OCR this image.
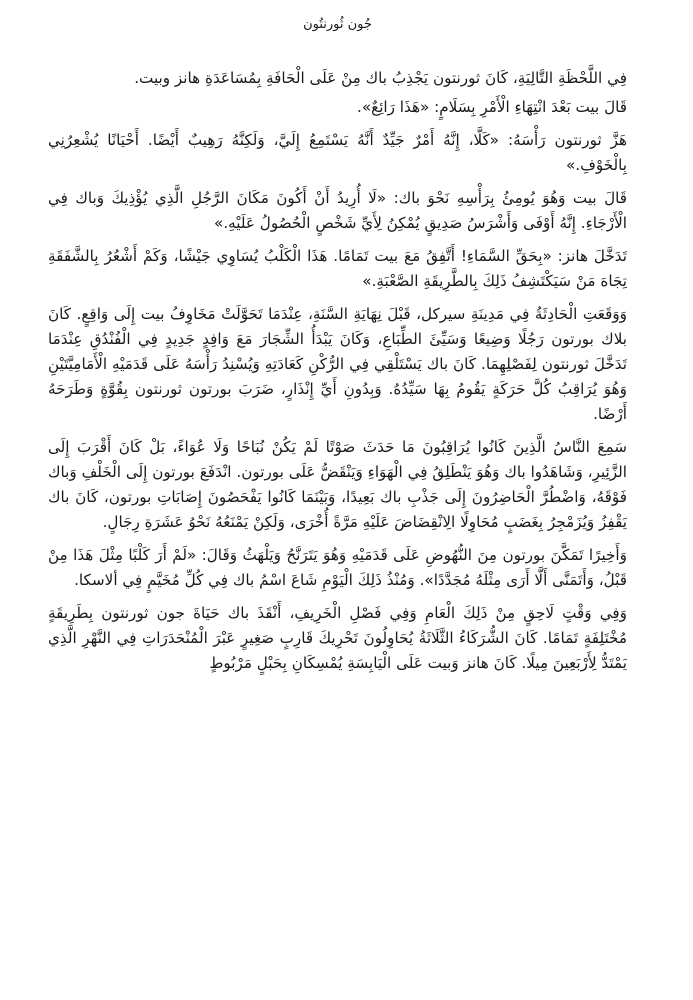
جُون ثُورنتُون

فِي اللَّحْظَةِ التَّالِيَةِ، كَانَ ثورنتون يَجْذِبُ باك مِنْ عَلَى الْحَافَةِ بِمُسَاعَدَةِ هانز وبيت.

قَالَ بيت بَعْدَ انْتِهَاءِ الْأَمْرِ بِسَلَامٍ: «هَذَا رَائِعٌ».

هَزَّ ثورنتون رَأْسَهُ: «كَلَّا، إِنَّهُ أَمْرٌ جَيِّدٌ أَنَّهُ يَسْتَمِعُ إِلَيَّ، وَلَكِنَّهُ رَهِيبٌ أَيْضًا. أَحْيَانًا يُشْعِرُنِي بِالْخَوْفِ.»

قَالَ بيت وَهُوَ يُومِئُ بِرَأْسِهِ نَحْوَ باك: «لَا أُرِيدُ أَنْ أَكُونَ مَكَانَ الرَّجُلِ الَّذِي يُؤْذِيكَ وَباك فِي الْأَرْجَاءِ. إِنَّهُ أَوْفَى وَأَشْرَسُ صَدِيقٍ يُمْكِنُ لِأَيِّ شَخْصٍ الْحُصُولُ عَلَيْهِ.»

تَدَخَّلَ هانز: «بِحَقِّ السَّمَاءِ! أَتَّفِقُ مَعَ بيت تَمَامًا. هَذَا الْكَلْبُ يُسَاوِي جَيْشًا، وَكَمْ أَشْعُرُ بِالشَّفَقَةِ تِجَاهَ مَنْ سَيَكْتَشِفُ ذَلِكَ بِالطَّرِيقَةِ الصَّعْبَةِ.»

وَوَقَعَتِ الْحَادِثَةُ فِي مَدِينَةِ سيركل، قَبْلَ نِهَايَةِ السَّنَةِ، عِنْدَمَا تَحَوَّلَتْ مَخَاوِفُ بيت إِلَى وَاقِعٍ. كَانَ بلاك بورتون رَجُلًا وَضِيعًا وَسَيِّئَ الطِّبَاعِ، وَكَانَ يَبْدَأُ الشِّجَارَ مَعَ وَافِدٍ جَدِيدٍ فِي الْفُنْدُقِ عِنْدَمَا تَدَخَّلَ ثورنتون لِفَصْلِهِمَا. كَانَ باك يَسْتَلْقِي فِي الرُّكْنِ كَعَادَتِهِ وَيُسْنِدُ رَأْسَهُ عَلَى قَدَمَيْهِ الْأَمَامِيَّتَيْنِ وَهُوَ يُرَاقِبُ كُلَّ حَرَكَةٍ يَقُومُ بِهَا سَيِّدُهُ. وَبِدُونِ أَيِّ إِنْذَارٍ، ضَرَبَ بورتون ثورنتون بِقُوَّةٍ وَطَرَحَهُ أَرْضًا.

سَمِعَ النَّاسُ الَّذِينَ كَانُوا يُرَاقِبُونَ مَا حَدَثَ صَوْتًا لَمْ يَكُنْ نُبَاحًا وَلَا عُوَاءً، بَلْ كَانَ أَقْرَبَ إِلَى الزَّئِيرِ، وَشَاهَدُوا باك وَهُوَ يَنْطَلِقُ فِي الْهَوَاءِ وَيَنْقَضُّ عَلَى بورتون. انْدَفَعَ بورتون إِلَى الْخَلْفِ وَباك فَوْقَهُ، وَاضْطُرَّ الْحَاضِرُونَ إِلَى جَذْبِ باك بَعِيدًا، وَبَيْنَمَا كَانُوا يَفْحَصُونَ إِصَابَاتِ بورتون، كَانَ باك يَقْفِزُ وَيُزَمْجِرُ بِغَضَبٍ مُحَاوِلًا الِانْقِضَاضَ عَلَيْهِ مَرَّةً أُخْرَى، وَلَكِنْ يَمْنَعُهُ نَحْوُ عَشَرَةِ رِجَالٍ.

وَأَخِيرًا تَمَكَّنَ بورتون مِنَ النُّهُوضِ عَلَى قَدَمَيْهِ وَهُوَ يَتَرَنَّحُ وَيَلْهَثُ وَقَالَ: «لَمْ أَرَ كَلْبًا مِثْلَ هَذَا مِنْ قَبْلُ، وَأَتَمَنَّى أَلَّا أَرَى مِثْلَهُ مُجَدَّدًا». وَمُنْذُ ذَلِكَ الْيَوْمِ شَاعَ اسْمُ باك فِي كُلِّ مُخَيَّمٍ فِي ألاسكا.

وَفِي وَقْتٍ لَاحِقٍ مِنْ ذَلِكَ الْعَامِ وَفِي فَصْلِ الْخَرِيفِ، أَنْقَذَ باك حَيَاةَ جون ثورنتون بِطَرِيقَةٍ مُخْتَلِفَةٍ تَمَامًا. كَانَ الشُّرَكَاءُ الثَّلَاثَةُ يُحَاوِلُونَ تَحْرِيكَ قَارِبٍ صَغِيرٍ عَبْرَ الْمُنْحَدَرَاتِ فِي النَّهْرِ الَّذِي يَمْتَدُّ لِأَرْبَعِينَ مِيلًا. كَانَ هانز وَبيت عَلَى الْيَابِسَةِ يُمْسِكَانِ بِحَبْلٍ مَرْبُوطٍ
